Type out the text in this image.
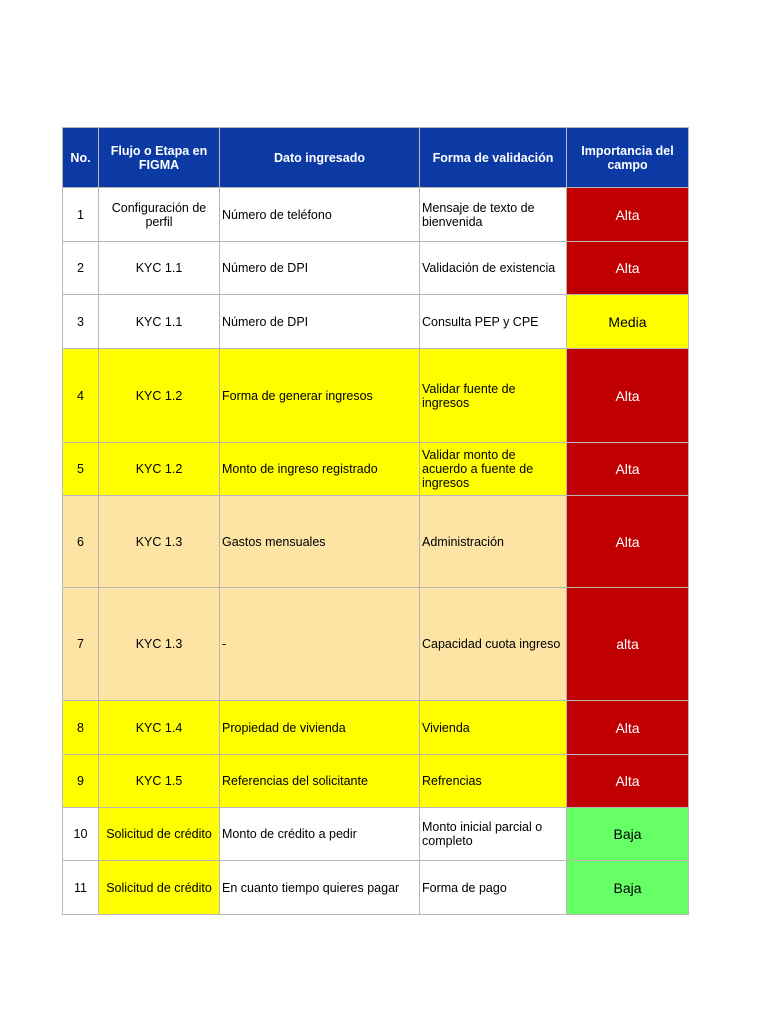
No.	Flujo o Etapa en FIGMA	Dato ingresado	Forma de validación	Importancia del campo
1	Configuración de perfil	Número de teléfono	Mensaje de texto de bienvenida	Alta
2	KYC 1.1	Número de DPI	Validación de existencia	Alta
3	KYC 1.1	Número de DPI	Consulta PEP y CPE	Media
4	KYC 1.2	Forma de generar ingresos	Validar fuente de ingresos	Alta
5	KYC 1.2	Monto de ingreso registrado	Validar monto de acuerdo a fuente de ingresos	Alta
6	KYC 1.3	Gastos mensuales	Administración	Alta
7	KYC 1.3	-	Capacidad cuota ingreso	alta
8	KYC 1.4	Propiedad de vivienda	Vivienda	Alta
9	KYC 1.5	Referencias del solicitante	Refrencias	Alta
10	Solicitud de crédito	Monto de crédito a pedir	Monto inicial parcial o completo	Baja
11	Solicitud de crédito	En cuanto tiempo quieres pagar	Forma de pago	Baja
